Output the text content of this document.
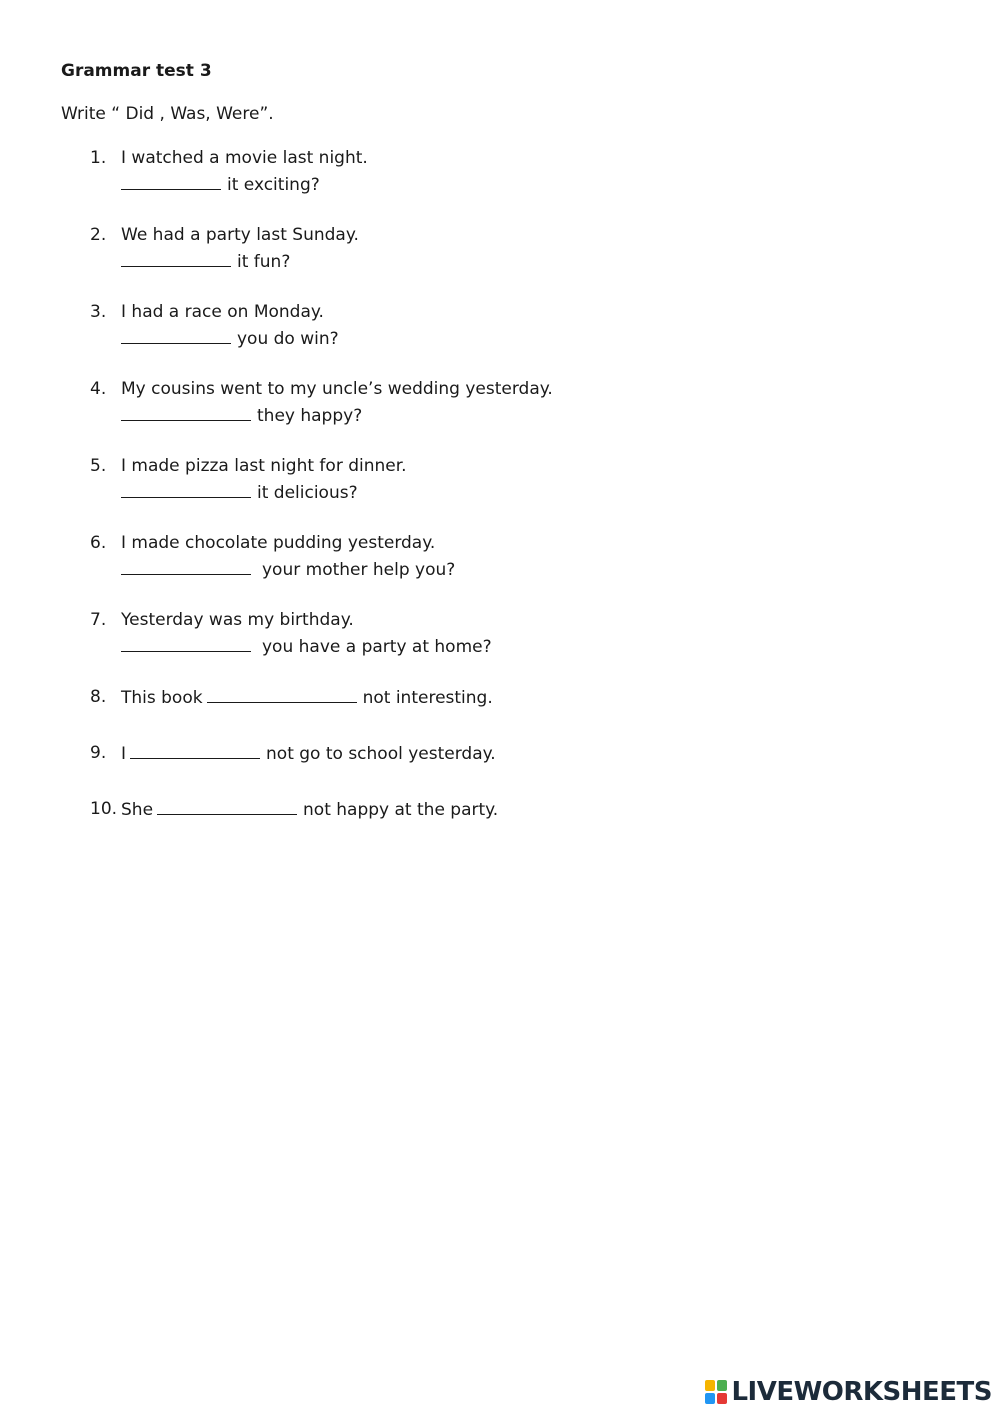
Grammar test 3
Write “ Did , Was, Were”.
1. I watched a movie last night.
it exciting?
2. We had a party last Sunday.
it fun?
3. I had a race on Monday.
you do win?
4. My cousins went to my uncle’s wedding yesterday.
they happy?
5. I made pizza last night for dinner.
it delicious?
6. I made chocolate pudding yesterday.
your mother help you?
7. Yesterday was my birthday.
you have a party at home?
8. This book	not interesting.
9. I	not go to school yesterday.
10. She	not happy at the party.
LIVEWORKSHEETS
